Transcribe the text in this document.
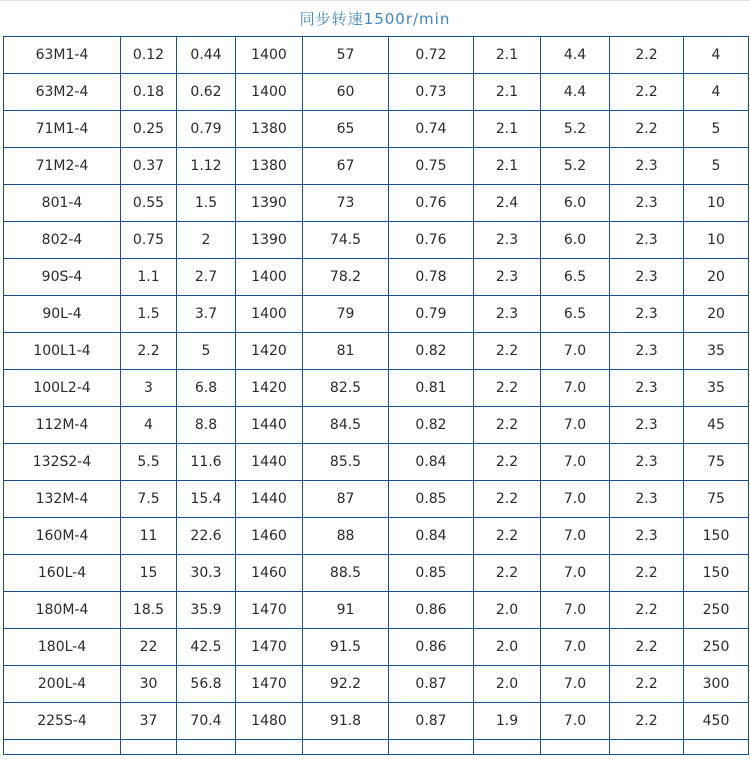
同步转速1500r/min
63M1-4	0.12	0.44	1400	57	0.72	2.1	4.4	2.2	4
63M2-4	0.18	0.62	1400	60	0.73	2.1	4.4	2.2	4
71M1-4	0.25	0.79	1380	65	0.74	2.1	5.2	2.2	5
71M2-4	0.37	1.12	1380	67	0.75	2.1	5.2	2.3	5
801-4	0.55	1.5	1390	73	0.76	2.4	6.0	2.3	10
802-4	0.75	2	1390	74.5	0.76	2.3	6.0	2.3	10
90S-4	1.1	2.7	1400	78.2	0.78	2.3	6.5	2.3	20
90L-4	1.5	3.7	1400	79	0.79	2.3	6.5	2.3	20
100L1-4	2.2	5	1420	81	0.82	2.2	7.0	2.3	35
100L2-4	3	6.8	1420	82.5	0.81	2.2	7.0	2.3	35
112M-4	4	8.8	1440	84.5	0.82	2.2	7.0	2.3	45
132S2-4	5.5	11.6	1440	85.5	0.84	2.2	7.0	2.3	75
132M-4	7.5	15.4	1440	87	0.85	2.2	7.0	2.3	75
160M-4	11	22.6	1460	88	0.84	2.2	7.0	2.3	150
160L-4	15	30.3	1460	88.5	0.85	2.2	7.0	2.2	150
180M-4	18.5	35.9	1470	91	0.86	2.0	7.0	2.2	250
180L-4	22	42.5	1470	91.5	0.86	2.0	7.0	2.2	250
200L-4	30	56.8	1470	92.2	0.87	2.0	7.0	2.2	300
225S-4	37	70.4	1480	91.8	0.87	1.9	7.0	2.2	450
